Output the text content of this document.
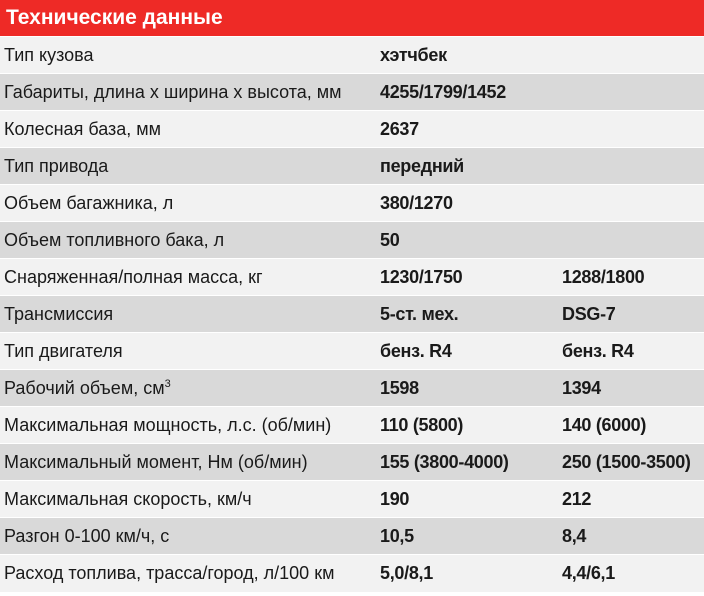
Технические данные
Тип кузова	хэтчбек	
Габариты, длина х ширина х высота, мм	4255/1799/1452	
Колесная база, мм	2637	
Тип привода	передний	
Объем багажника, л	380/1270	
Объем топливного бака, л	50	
Снаряженная/полная масса, кг	1230/1750	1288/1800
Трансмиссия	5-ст. мех.	DSG-7
Тип двигателя	бенз. R4	бенз. R4
Рабочий объем, $см^3$	1598	1394
Максимальная мощность, л.с. (об/мин)	110 (5800)	140 (6000)
Максимальный момент, Нм (об/мин)	155 (3800-4000)	250 (1500-3500)
Максимальная скорость, км/ч	190	212
Разгон 0-100 км/ч, с	10,5	8,4
Расход топлива, трасса/город, л/100 км	5,0/8,1	4,4/6,1
